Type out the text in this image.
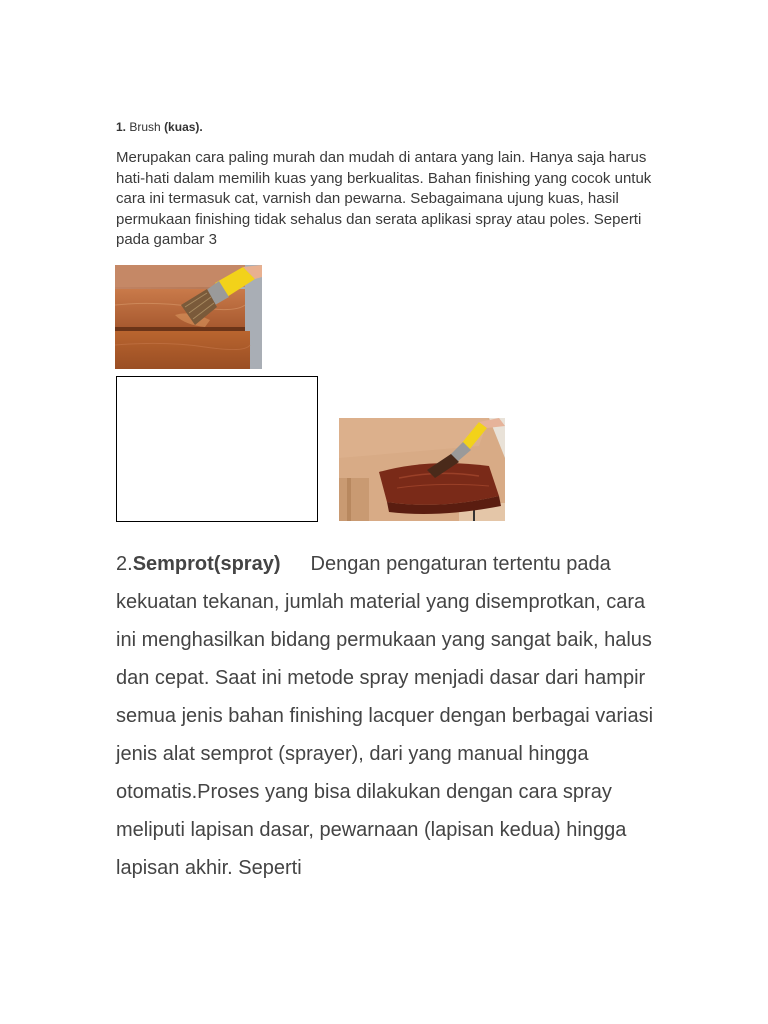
1. Brush (kuas).

Merupakan cara paling murah dan mudah di antara yang lain. Hanya saja harus hati-hati dalam memilih kuas yang berkualitas. Bahan finishing yang cocok untuk cara ini termasuk cat, varnish dan pewarna. Sebagaimana ujung kuas, hasil permukaan finishing tidak sehalus dan serata aplikasi spray atau poles. Seperti pada gambar 3

2.Semprot(spray) Dengan pengaturan tertentu pada kekuatan tekanan, jumlah material yang disemprotkan, cara ini menghasilkan bidang permukaan yang sangat baik, halus dan cepat. Saat ini metode spray menjadi dasar dari hampir semua jenis bahan finishing lacquer dengan berbagai variasi jenis alat semprot (sprayer), dari yang manual hingga otomatis.Proses yang bisa dilakukan dengan cara spray meliputi lapisan dasar, pewarnaan (lapisan kedua) hingga lapisan akhir. Seperti
